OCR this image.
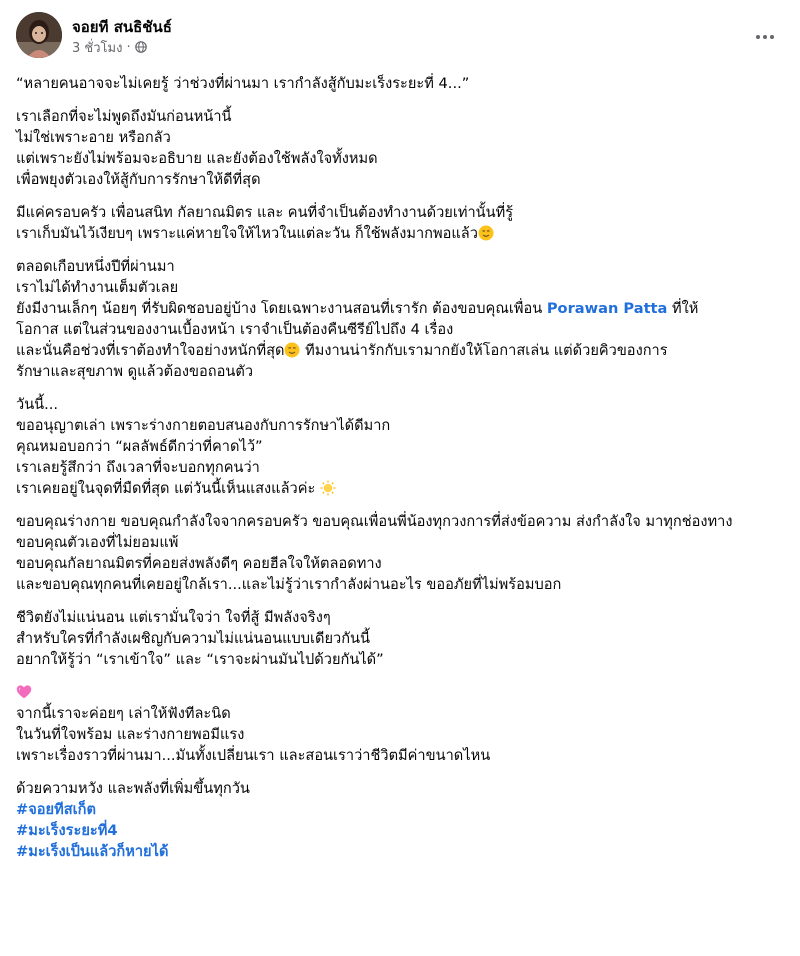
จอยที สนธิชันธ์
3 ชั่วโมง ·
“หลายคนอาจจะไม่เคยรู้ ว่าช่วงที่ผ่านมา เรากำลังสู้กับมะเร็งระยะที่ 4...”
เราเลือกที่จะไม่พูดถึงมันก่อนหน้านี้
ไม่ใช่เพราะอาย หรือกลัว
แต่เพราะยังไม่พร้อมจะอธิบาย และยังต้องใช้พลังใจทั้งหมด
เพื่อพยุงตัวเองให้สู้กับการรักษาให้ดีที่สุด
มีแค่ครอบครัว เพื่อนสนิท กัลยาณมิตร และ คนที่จำเป็นต้องทำงานด้วยเท่านั้นที่รู้
เราเก็บมันไว้เงียบๆ เพราะแค่หายใจให้ไหวในแต่ละวัน ก็ใช้พลังมากพอแล้ว
ตลอดเกือบหนึ่งปีที่ผ่านมา
เราไม่ได้ทำงานเต็มตัวเลย
ยังมีงานเล็กๆ น้อยๆ ที่รับผิดชอบอยู่บ้าง โดยเฉพาะงานสอนที่เรารัก ต้องขอบคุณเพื่อน Porawan Patta ที่ให้
โอกาส แต่ในส่วนของงานเบื้องหน้า เราจำเป็นต้องคืนซีรีย์ไปถึง 4 เรื่อง
และนั่นคือช่วงที่เราต้องทำใจอย่างหนักที่สุด
ทีมงานน่ารักกับเรามากยังให้โอกาสเล่น แต่ด้วยคิวของการ
รักษาและสุขภาพ ดูแล้วต้องขอถอนตัว
วันนี้...
ขออนุญาตเล่า เพราะร่างกายตอบสนองกับการรักษาได้ดีมาก
คุณหมอบอกว่า “ผลลัพธ์ดีกว่าที่คาดไว้”
เราเลยรู้สึกว่า ถึงเวลาที่จะบอกทุกคนว่า
เราเคยอยู่ในจุดที่มืดที่สุด แต่วันนี้เห็นแสงแล้วค่ะ
ขอบคุณร่างกาย ขอบคุณกำลังใจจากครอบครัว ขอบคุณเพื่อนพี่น้องทุกวงการที่ส่งข้อความ ส่งกำลังใจ มาทุกช่องทาง
ขอบคุณตัวเองที่ไม่ยอมแพ้
ขอบคุณกัลยาณมิตรที่คอยส่งพลังดีๆ คอยฮีลใจให้ตลอดทาง
และขอบคุณทุกคนที่เคยอยู่ใกล้เรา...และไม่รู้ว่าเรากำลังผ่านอะไร ขออภัยที่ไม่พร้อมบอก
ชีวิตยังไม่แน่นอน แต่เรามั่นใจว่า ใจที่สู้ มีพลังจริงๆ
สำหรับใครที่กำลังเผชิญกับความไม่แน่นอนแบบเดียวกันนี้
อยากให้รู้ว่า “เราเข้าใจ” และ “เราจะผ่านมันไปด้วยกันได้”
จากนี้เราจะค่อยๆ เล่าให้ฟังทีละนิด
ในวันที่ใจพร้อม และร่างกายพอมีแรง
เพราะเรื่องราวที่ผ่านมา...มันทั้งเปลี่ยนเรา และสอนเราว่าชีวิตมีค่าขนาดไหน
ด้วยความหวัง และพลังที่เพิ่มขึ้นทุกวัน
#จอยทีสเก็ต
#มะเร็งระยะที่4
#มะเร็งเป็นแล้วก็หายได้
